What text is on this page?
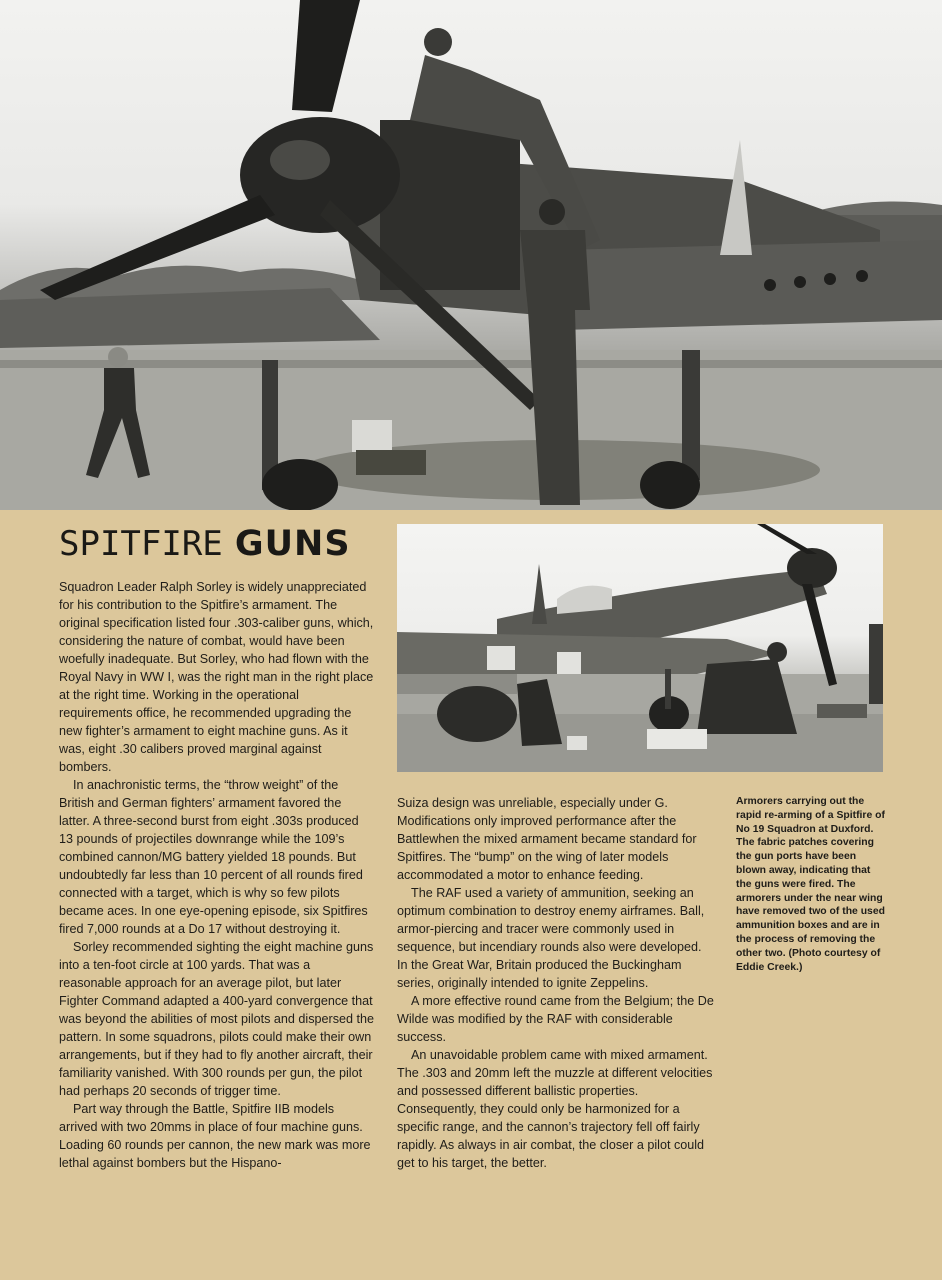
SPITFIRE GUNS

Squadron Leader Ralph Sorley is widely unappreciated for his contribution to the Spitfire’s armament. The original specification listed four .303-caliber guns, which, considering the nature of combat, would have been woefully inadequate. But Sorley, who had flown with the Royal Navy in WW I, was the right man in the right place at the right time. Working in the operational requirements office, he recommended upgrading the new fighter’s armament to eight machine guns. As it was, eight .30 calibers proved marginal against bombers.

In anachronistic terms, the “throw weight” of the British and German fighters’ armament favored the latter. A three-second burst from eight .303s produced 13 pounds of projectiles downrange while the 109’s combined cannon/MG battery yielded 18 pounds. But undoubtedly far less than 10 percent of all rounds fired connected with a target, which is why so few pilots became aces. In one eye-opening episode, six Spitfires fired 7,000 rounds at a Do 17 without destroying it.

Sorley recommended sighting the eight machine guns into a ten-foot circle at 100 yards. That was a reasonable approach for an average pilot, but later Fighter Command adapted a 400-yard convergence that was beyond the abilities of most pilots and dispersed the pattern. In some squadrons, pilots could make their own arrangements, but if they had to fly another aircraft, their familiarity vanished. With 300 rounds per gun, the pilot had perhaps 20 seconds of trigger time.

Part way through the Battle, Spitfire IIB models arrived with two 20mms in place of four machine guns. Loading 60 rounds per cannon, the new mark was more lethal against bombers but the Hispano-

Suiza design was unreliable, especially under G. Modifications only improved performance after the Battlewhen the mixed armament became standard for Spitfires. The “bump” on the wing of later models accommodated a motor to enhance feeding.

The RAF used a variety of ammunition, seeking an optimum combination to destroy enemy airframes. Ball, armor-piercing and tracer were commonly used in sequence, but incendiary rounds also were developed. In the Great War, Britain produced the Buckingham series, originally intended to ignite Zeppelins.

A more effective round came from the Belgium; the De Wilde was modified by the RAF with considerable success.

An unavoidable problem came with mixed armament. The .303 and 20mm left the muzzle at different velocities and possessed different ballistic properties. Consequently, they could only be harmonized for a specific range, and the cannon’s trajectory fell off fairly rapidly. As always in air combat, the closer a pilot could get to his target, the better.

Armorers carrying out the rapid re-arming of a Spitfire of No 19 Squadron at Duxford. The fabric patches covering the gun ports have been blown away, indicating that the guns were fired. The armorers under the near wing have removed two of the used ammunition boxes and are in the process of removing the other two. (Photo courtesy of Eddie Creek.)
